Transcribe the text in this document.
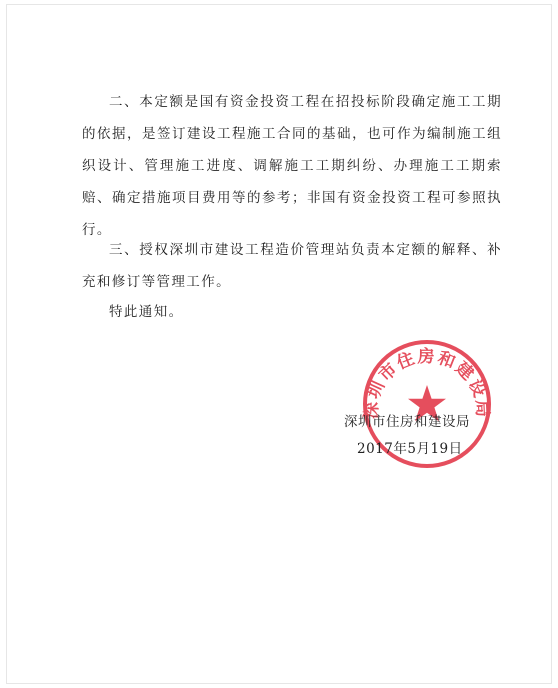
二、本定额是国有资金投资工程在招投标阶段确定施工工期的依据，是签订建设工程施工合同的基础，也可作为编制施工组织设计、管理施工进度、调解施工工期纠纷、办理施工工期索赔、确定措施项目费用等的参考；非国有资金投资工程可参照执行。

三、授权深圳市建设工程造价管理站负责本定额的解释、补充和修订等管理工作。

特此通知。

深圳市住房和建设局
深圳市住房和建设局
2017年5月19日
